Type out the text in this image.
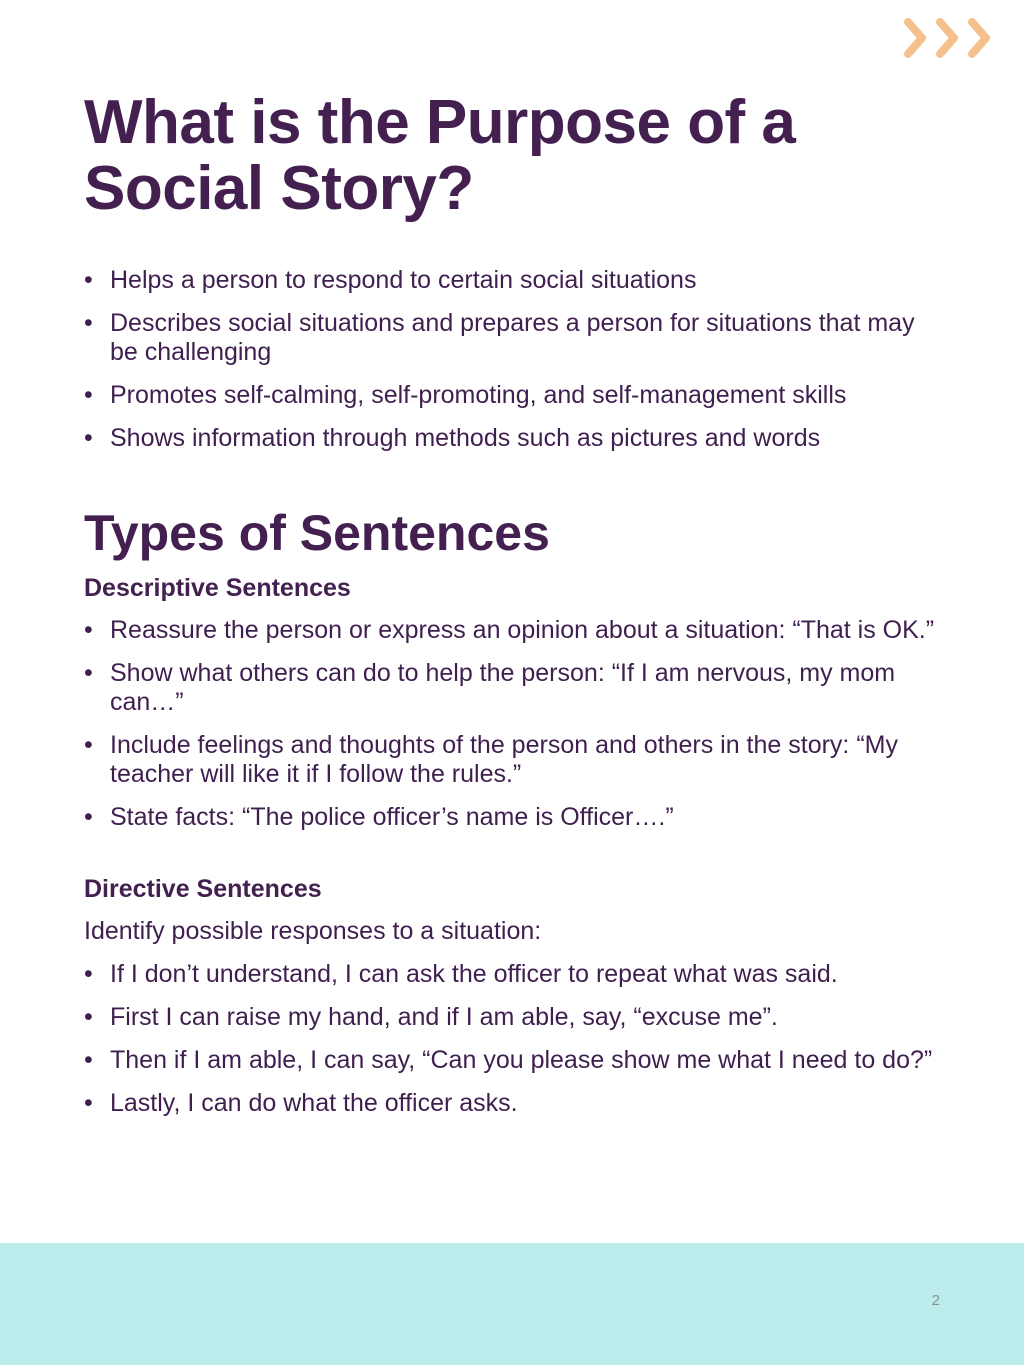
What is the Purpose of a Social Story?
• Helps a person to respond to certain social situations
• Describes social situations and prepares a person for situations that may be challenging
• Promotes self-calming, self-promoting, and self-management skills
• Shows information through methods such as pictures and words
Types of Sentences
Descriptive Sentences
• Reassure the person or express an opinion about a situation: “That is OK.”
• Show what others can do to help the person: “If I am nervous, my mom can…”
• Include feelings and thoughts of the person and others in the story: “My teacher will like it if I follow the rules.”
• State facts: “The police officer’s name is Officer….”
Directive Sentences

Identify possible responses to a situation:

• If I don’t understand, I can ask the officer to repeat what was said.
• First I can raise my hand, and if I am able, say, “excuse me”.
• Then if I am able, I can say, “Can you please show me what I need to do?”
• Lastly, I can do what the officer asks.
2
